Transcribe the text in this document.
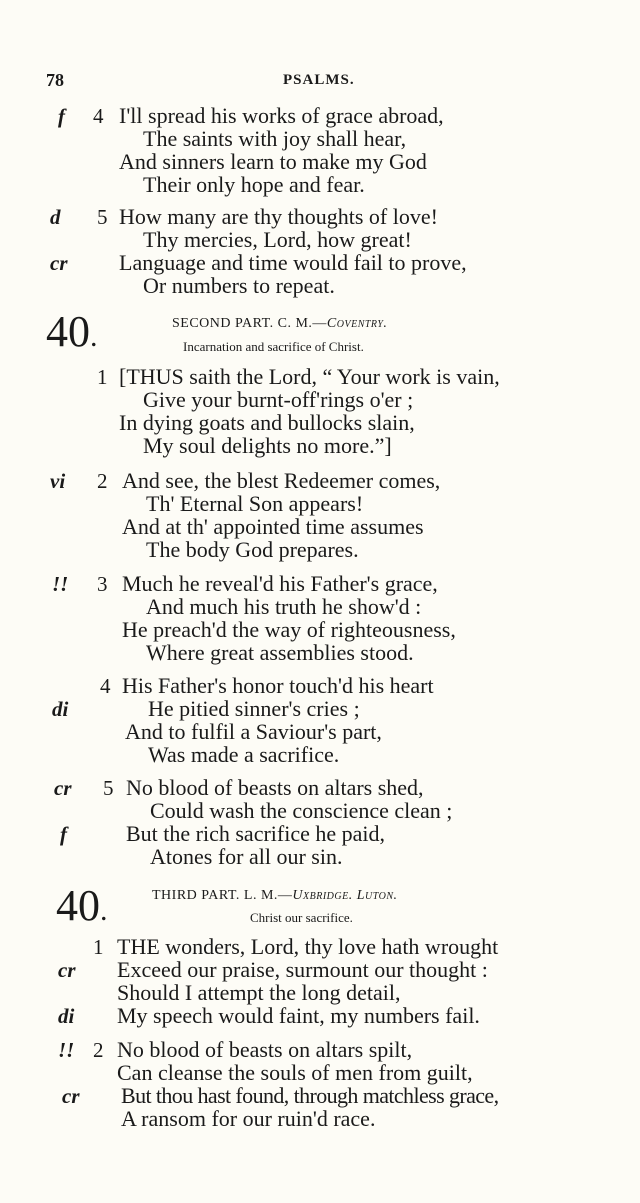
78	PSALMS.
f 4 I'll spread his works of grace abroad,
The saints with joy shall hear,
And sinners learn to make my God
Their only hope and fear.
d 5 How many are thy thoughts of love!
Thy mercies, Lord, how great!
cr Language and time would fail to prove,
Or numbers to repeat.
40.	SECOND PART. C. M.—Coventry.
Incarnation and sacrifice of Christ.
1 [THUS saith the Lord, “ Your work is vain,
Give your burnt-off'rings o'er ;
In dying goats and bullocks slain,
My soul delights no more.”]
vi 2 And see, the blest Redeemer comes,
Th' Eternal Son appears!
And at th' appointed time assumes
The body God prepares.
!! 3 Much he reveal'd his Father's grace,
And much his truth he show'd :
He preach'd the way of righteousness,
Where great assemblies stood.
4 His Father's honor touch'd his heart
di	He pitied sinner's cries ;
And to fulfil a Saviour's part,
Was made a sacrifice.
cr 5 No blood of beasts on altars shed,
Could wash the conscience clean ;
f	But the rich sacrifice he paid,
Atones for all our sin.
40.	THIRD PART. L. M.—Uxbridge. Luton.
Christ our sacrifice.
1 THE wonders, Lord, thy love hath wrought
cr Exceed our praise, surmount our thought :
Should I attempt the long detail,
di My speech would faint, my numbers fail.
!! 2 No blood of beasts on altars spilt,
Can cleanse the souls of men from guilt,
cr But thou hast found, through matchless grace,
A ransom for our ruin'd race.
